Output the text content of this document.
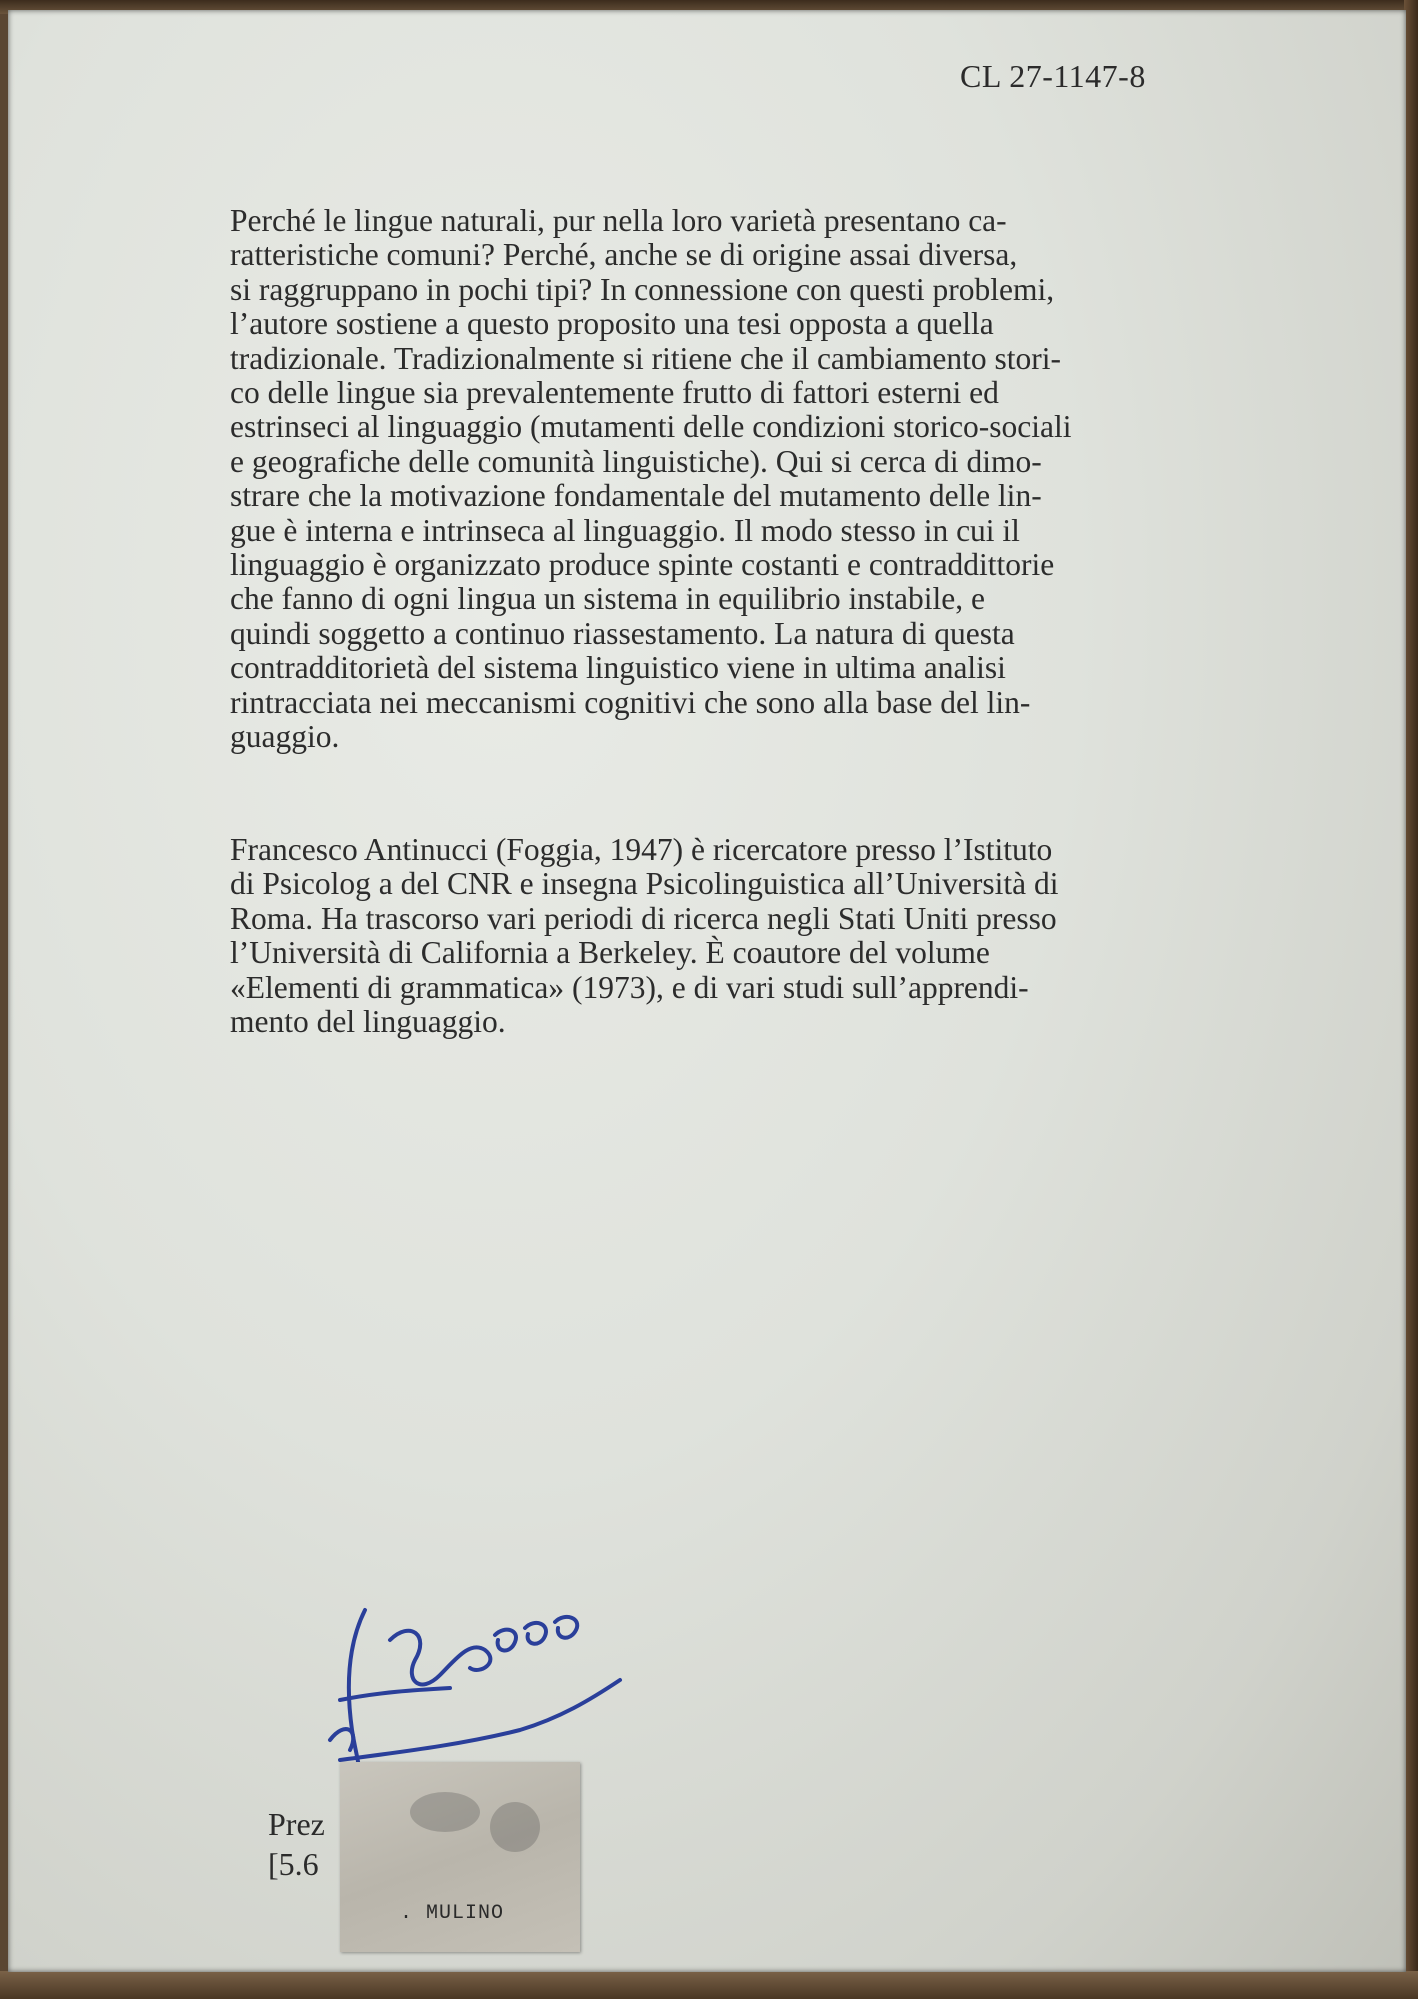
CL 27-1147-8
Perché le lingue naturali, pur nella loro varietà presentano ca-
ratteristiche comuni? Perché, anche se di origine assai diversa,
si raggruppano in pochi tipi? In connessione con questi problemi,
l’autore sostiene a questo proposito una tesi opposta a quella
tradizionale. Tradizionalmente si ritiene che il cambiamento stori-
co delle lingue sia prevalentemente frutto di fattori esterni ed
estrinseci al linguaggio (mutamenti delle condizioni storico-sociali
e geografiche delle comunità linguistiche). Qui si cerca di dimo-
strare che la motivazione fondamentale del mutamento delle lin-
gue è interna e intrinseca al linguaggio. Il modo stesso in cui il
linguaggio è organizzato produce spinte costanti e contraddittorie
che fanno di ogni lingua un sistema in equilibrio instabile, e
quindi soggetto a continuo riassestamento. La natura di questa
contradditorietà del sistema linguistico viene in ultima analisi
rintracciata nei meccanismi cognitivi che sono alla base del lin-
guaggio.
Francesco Antinucci (Foggia, 1947) è ricercatore presso l’Istituto
di Psicolog a del CNR e insegna Psicolinguistica all’Università di
Roma. Ha trascorso vari periodi di ricerca negli Stati Uniti presso
l’Università di California a Berkeley. È coautore del volume
«Elementi di grammatica» (1973), e di vari studi sull’apprendi-
mento del linguaggio.
Prez
[5.6
. MULINO
